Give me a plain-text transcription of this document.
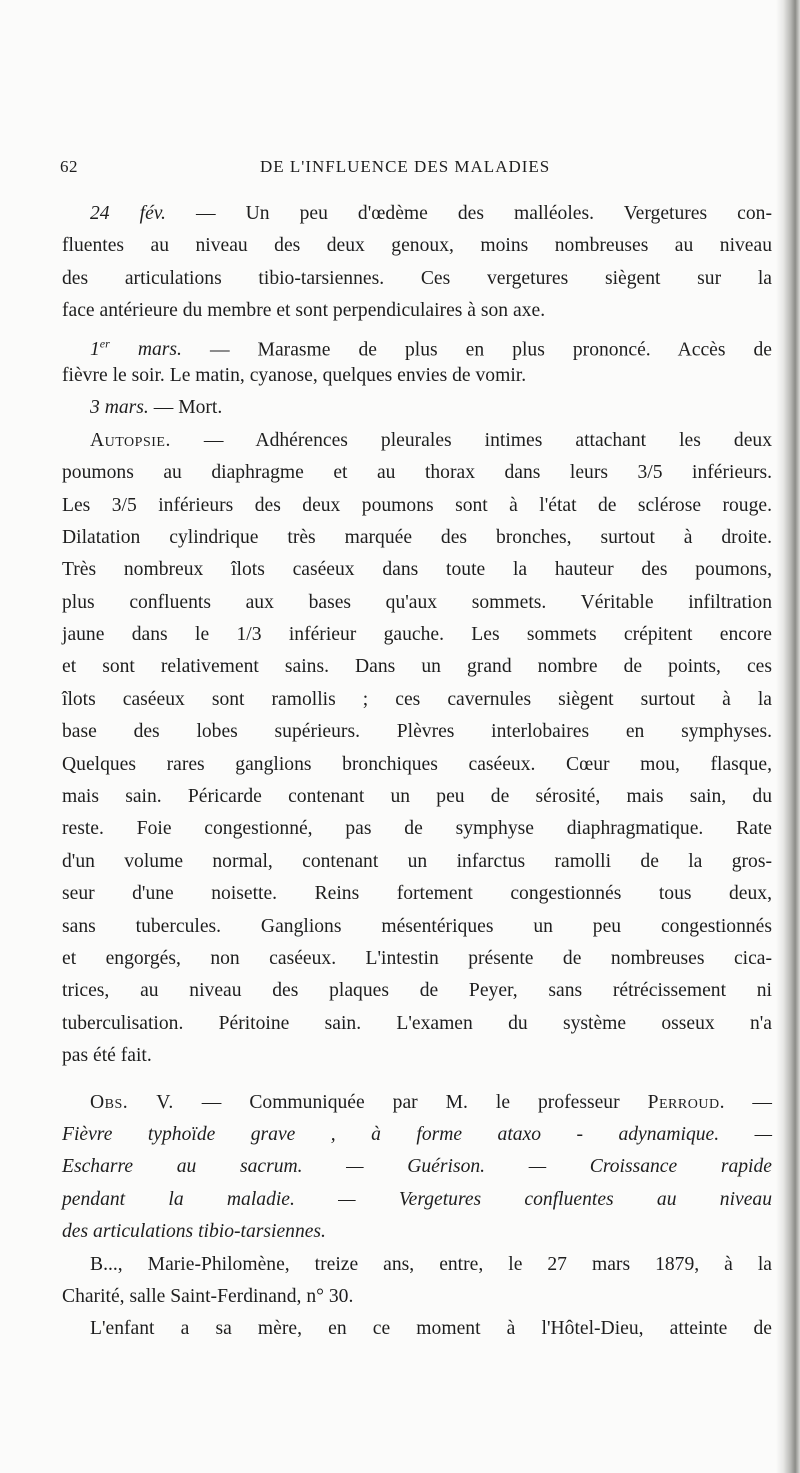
62	DE L'INFLUENCE DES MALADIES
24 fév. — Un peu d'œdème des malléoles. Vergetures con-
fluentes au niveau des deux genoux, moins nombreuses au niveau
des articulations tibio-tarsiennes. Ces vergetures siègent sur la
face antérieure du membre et sont perpendiculaires à son axe.
1er mars. — Marasme de plus en plus prononcé. Accès de
fièvre le soir. Le matin, cyanose, quelques envies de vomir.
3 mars. — Mort.
Autopsie. — Adhérences pleurales intimes attachant les deux
poumons au diaphragme et au thorax dans leurs 3/5 inférieurs.
Les 3/5 inférieurs des deux poumons sont à l'état de sclérose rouge.
Dilatation cylindrique très marquée des bronches, surtout à droite.
Très nombreux îlots caséeux dans toute la hauteur des poumons,
plus confluents aux bases qu'aux sommets. Véritable infiltration
jaune dans le 1/3 inférieur gauche. Les sommets crépitent encore
et sont relativement sains. Dans un grand nombre de points, ces
îlots caséeux sont ramollis ; ces cavernules siègent surtout à la
base des lobes supérieurs. Plèvres interlobaires en symphyses.
Quelques rares ganglions bronchiques caséeux. Cœur mou, flasque,
mais sain. Péricarde contenant un peu de sérosité, mais sain, du
reste. Foie congestionné, pas de symphyse diaphragmatique. Rate
d'un volume normal, contenant un infarctus ramolli de la gros-
seur d'une noisette. Reins fortement congestionnés tous deux,
sans tubercules. Ganglions mésentériques un peu congestionnés
et engorgés, non caséeux. L'intestin présente de nombreuses cica-
trices, au niveau des plaques de Peyer, sans rétrécissement ni
tuberculisation. Péritoine sain. L'examen du système osseux n'a
pas été fait.
Obs. V. — Communiquée par M. le professeur Perroud. —
Fièvre typhoïde grave , à forme ataxo - adynamique. —
Escharre au sacrum. — Guérison. — Croissance rapide
pendant la maladie. — Vergetures confluentes au niveau
des articulations tibio-tarsiennes.
B..., Marie-Philomène, treize ans, entre, le 27 mars 1879, à la
Charité, salle Saint-Ferdinand, n° 30.
L'enfant a sa mère, en ce moment à l'Hôtel-Dieu, atteinte de
